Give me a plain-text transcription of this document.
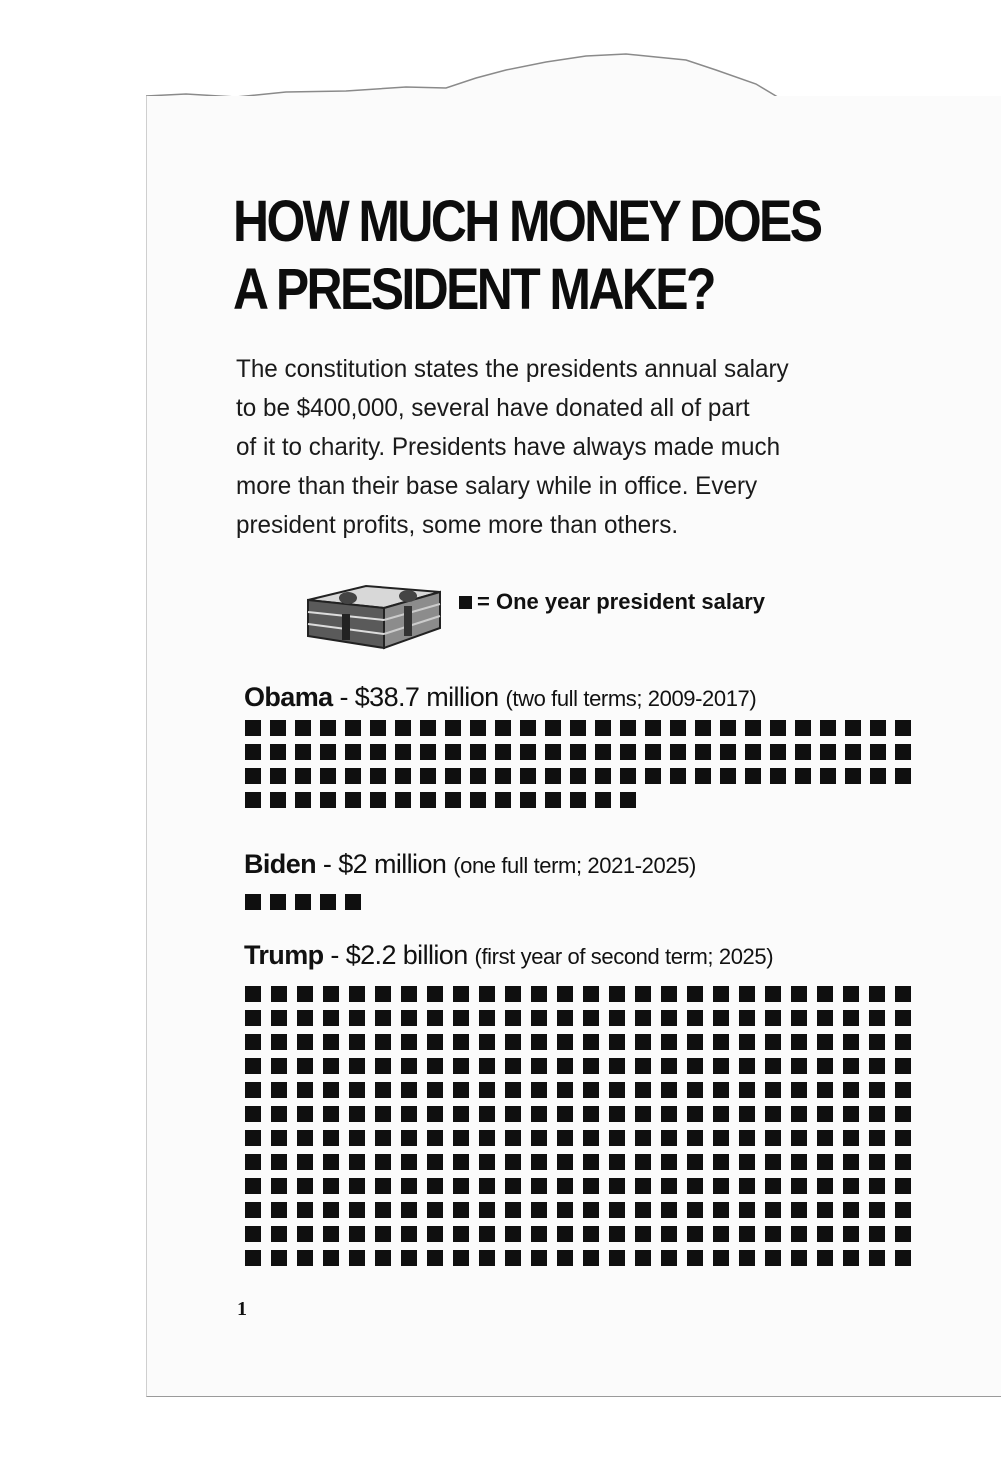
HOW MUCH MONEY DOES
A PRESIDENT MAKE?

The constitution states the presidents annual salary
to be $400,000, several have donated all of part
of it to charity. Presidents have always made much
more than their base salary while in office. Every
president profits, some more than others.

= One year president salary
Obama - $38.7 million (two full terms; 2009-2017)
Biden - $2 million (one full term; 2021-2025)
Trump - $2.2 billion (first year of second term; 2025)
1
